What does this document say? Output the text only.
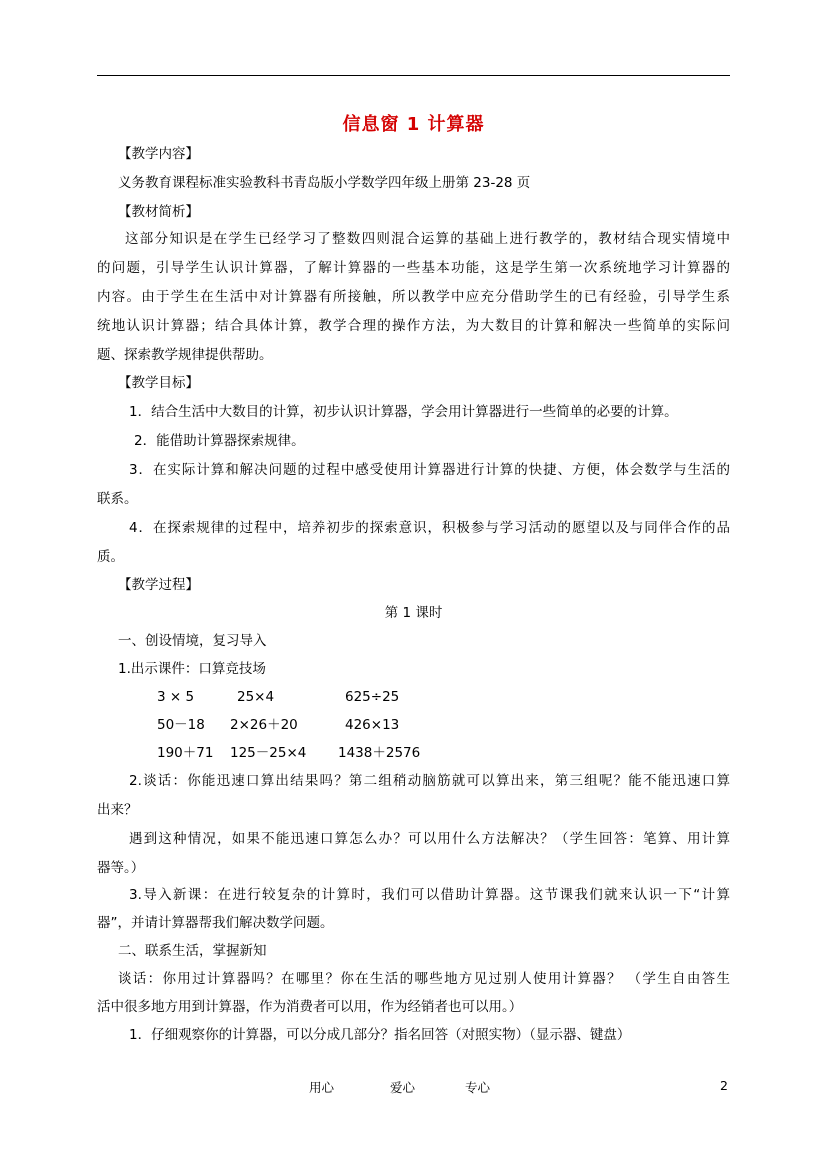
信息窗 1 计算器
【教学内容】
义务教育课程标准实验教科书青岛版小学数学四年级上册第 23-28 页
【教材简析】
这部分知识是在学生已经学习了整数四则混合运算的基础上进行教学的，教材结合现实情境中
的问题，引导学生认识计算器，了解计算器的一些基本功能，这是学生第一次系统地学习计算器的
内容。由于学生在生活中对计算器有所接触，所以教学中应充分借助学生的已有经验，引导学生系
统地认识计算器；结合具体计算，教学合理的操作方法，为大数目的计算和解决一些简单的实际问
题、探索教学规律提供帮助。
【教学目标】
1．结合生活中大数目的计算，初步认识计算器，学会用计算器进行一些简单的必要的计算。
2．能借助计算器探索规律。
3．在实际计算和解决问题的过程中感受使用计算器进行计算的快捷、方便，体会数学与生活的
联系。
4．在探索规律的过程中，培养初步的探索意识，积极参与学习活动的愿望以及与同伴合作的品
质。
【教学过程】
第 1 课时
一、创设情境，复习导入
1.出示课件：口算竞技场
3 × 5	25×4	625÷25
50－18 2×26＋20	426×13
190＋71 125－25×4 1438＋2576
2.谈话：你能迅速口算出结果吗？第二组稍动脑筋就可以算出来，第三组呢？能不能迅速口算
出来？
遇到这种情况，如果不能迅速口算怎么办？可以用什么方法解决？（学生回答：笔算、用计算
器等。）
3.导入新课：在进行较复杂的计算时，我们可以借助计算器。这节课我们就来认识一下“计算
器”，并请计算器帮我们解决数学问题。
二、联系生活，掌握新知
谈话：你用过计算器吗？在哪里？你在生活的哪些地方见过别人使用计算器？ （学生自由答生
活中很多地方用到计算器，作为消费者可以用，作为经销者也可以用。）
1．仔细观察你的计算器，可以分成几部分？指名回答（对照实物）（显示器、键盘）
用心	爱心	专心	2
